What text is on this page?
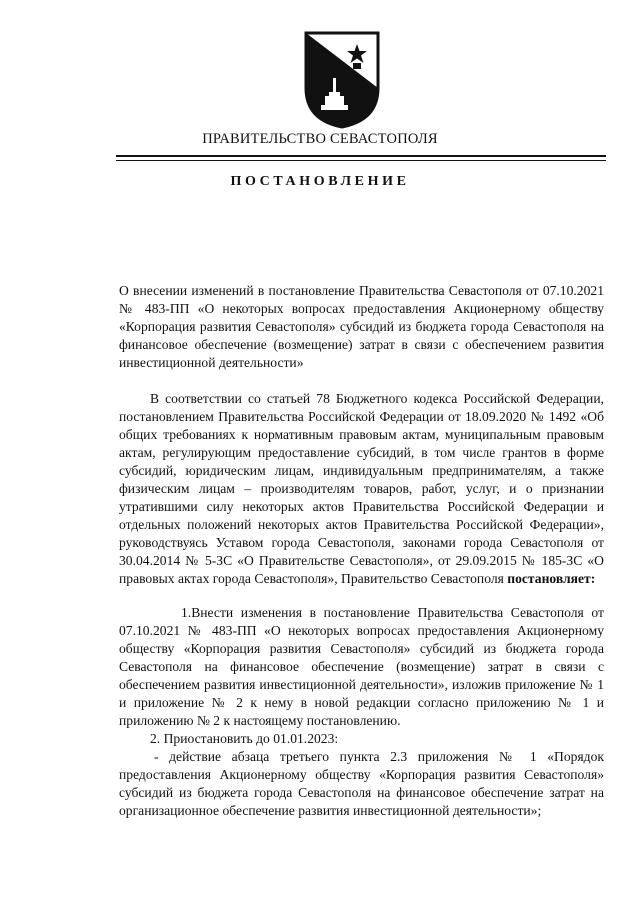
ПРАВИТЕЛЬСТВО СЕВАСТОПОЛЯ
ПОСТАНОВЛЕНИЕ

О внесении изменений в постановление Правительства Севастополя от 07.10.2021 № 483-ПП «О некоторых вопросах предоставления Акционерному обществу «Корпорация развития Севастополя» субсидий из бюджета города Севастополя на финансовое обеспечение (возмещение) затрат в связи с обеспечением развития инвестиционной деятельности»

В соответствии со статьей 78 Бюджетного кодекса Российской Федерации, постановлением Правительства Российской Федерации от 18.09.2020 № 1492 «Об общих требованиях к нормативным правовым актам, муниципальным правовым актам, регулирующим предоставление субсидий, в том числе грантов в форме субсидий, юридическим лицам, индивидуальным предпринимателям, а также физическим лицам – производителям товаров, работ, услуг, и о признании утратившими силу некоторых актов Правительства Российской Федерации и отдельных положений некоторых актов Правительства Российской Федерации», руководствуясь Уставом города Севастополя, законами города Севастополя от 30.04.2014 № 5-ЗС «О Правительстве Севастополя», от 29.09.2015 № 185-ЗС «О правовых актах города Севастополя», Правительство Севастополя постановляет:

1.Внести изменения в постановление Правительства Севастополя от 07.10.2021 № 483-ПП «О некоторых вопросах предоставления Акционерному обществу «Корпорация развития Севастополя» субсидий из бюджета города Севастополя на финансовое обеспечение (возмещение) затрат в связи с обеспечением развития инвестиционной деятельности», изложив приложение № 1 и приложение № 2 к нему в новой редакции согласно приложению № 1 и приложению № 2 к настоящему постановлению.

2. Приостановить до 01.01.2023:

- действие абзаца третьего пункта 2.3 приложения № 1 «Порядок предоставления Акционерному обществу «Корпорация развития Севастополя» субсидий из бюджета города Севастополя на финансовое обеспечение затрат на организационное обеспечение развития инвестиционной деятельности»;
